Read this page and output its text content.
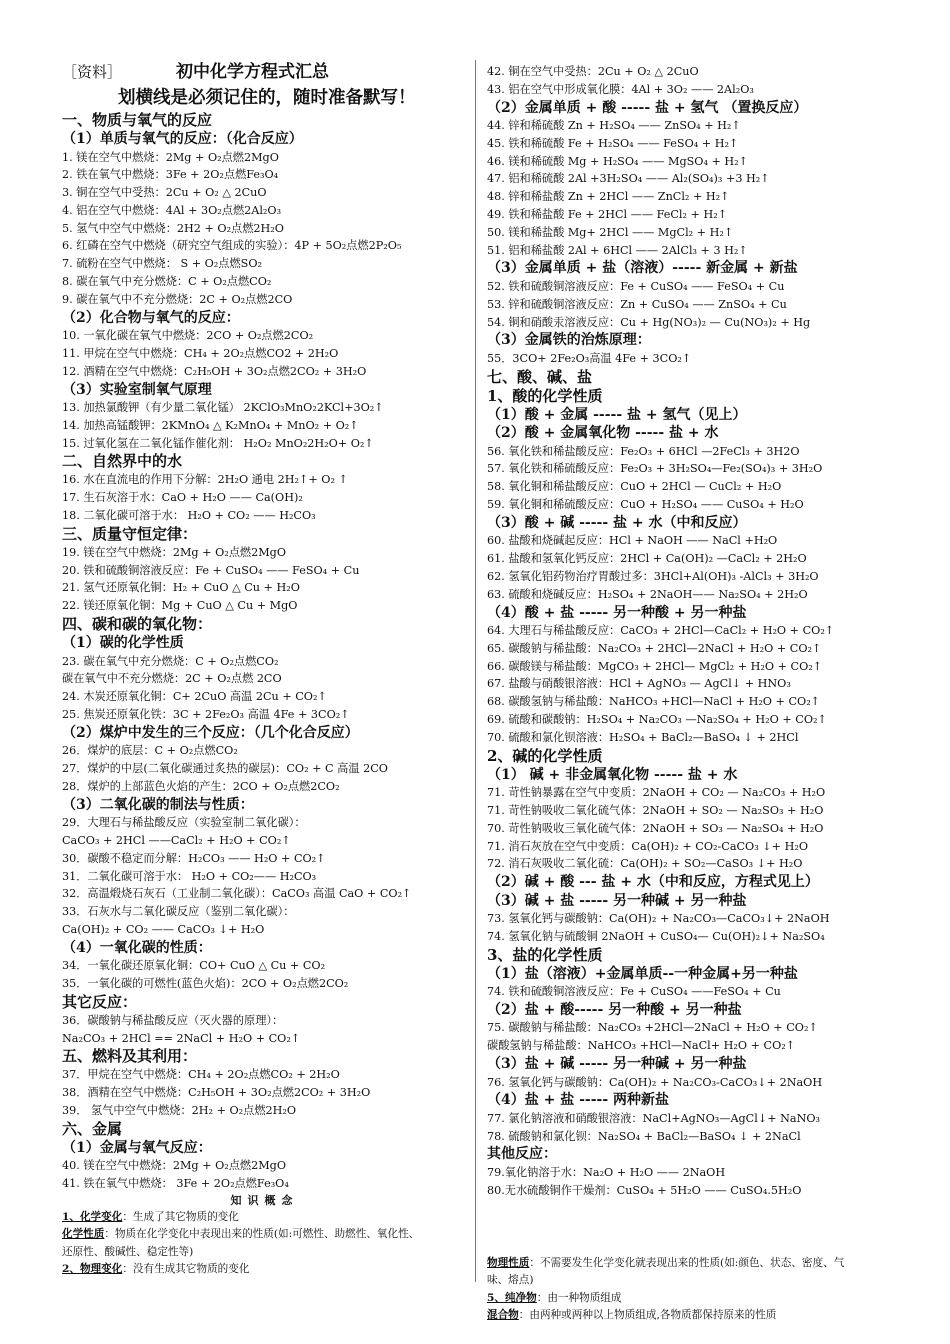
［资料］	初中化学方程式汇总
划横线是必须记住的，随时准备默写！
一、物质与氧气的反应
（1）单质与氧气的反应：（化合反应）
1. 镁在空气中燃烧：2Mg + O₂点燃2MgO
2. 铁在氧气中燃烧：3Fe + 2O₂点燃Fe₃O₄
3. 铜在空气中受热：2Cu + O₂ △ 2CuO
4. 铝在空气中燃烧：4Al + 3O₂点燃2Al₂O₃
5. 氢气中空气中燃烧：2H2 + O₂点燃2H₂O
6. 红磷在空气中燃烧（研究空气组成的实验）：4P + 5O₂点燃2P₂O₅
7. 硫粉在空气中燃烧： S + O₂点燃SO₂
8. 碳在氧气中充分燃烧：C + O₂点燃CO₂
9. 碳在氧气中不充分燃烧：2C + O₂点燃2CO
（2）化合物与氧气的反应：
10. 一氧化碳在氧气中燃烧：2CO + O₂点燃2CO₂
11. 甲烷在空气中燃烧：CH₄ + 2O₂点燃CO2 + 2H₂O
12. 酒精在空气中燃烧：C₂H₅OH + 3O₂点燃2CO₂ + 3H₂O
（3）实验室制氧气原理
13. 加热氯酸钾（有少量二氧化锰） 2KClO₃MnO₂2KCl+3O₂↑
14. 加热高锰酸钾：2KMnO₄ △ K₂MnO₄ + MnO₂ + O₂↑
15. 过氧化氢在二氧化锰作催化剂： H₂O₂ MnO₂2H₂O+ O₂↑
二、自然界中的水
16. 水在直流电的作用下分解：2H₂O 通电 2H₂↑+ O₂ ↑
17. 生石灰溶于水：CaO + H₂O —— Ca(OH)₂
18. 二氧化碳可溶于水： H₂O + CO₂ —— H₂CO₃
三、质量守恒定律：
19. 镁在空气中燃烧：2Mg + O₂点燃2MgO
20. 铁和硫酸铜溶液反应：Fe + CuSO₄ —— FeSO₄ + Cu
21. 氢气还原氧化铜：H₂ + CuO △ Cu + H₂O
22. 镁还原氧化铜：Mg + CuO △ Cu + MgO
四、碳和碳的氧化物：
（1）碳的化学性质
23. 碳在氧气中充分燃烧：C + O₂点燃CO₂
碳在氧气中不充分燃烧：2C + O₂点燃 2CO
24. 木炭还原氧化铜：C+ 2CuO 高温 2Cu + CO₂↑
25. 焦炭还原氧化铁：3C + 2Fe₂O₃ 高温 4Fe + 3CO₂↑
（2）煤炉中发生的三个反应：（几个化合反应）
26．煤炉的底层：C + O₂点燃CO₂
27．煤炉的中层(二氧化碳通过炙热的碳层)：CO₂ + C 高温 2CO
28．煤炉的上部蓝色火焰的产生：2CO + O₂点燃2CO₂
（3）二氧化碳的制法与性质：
29．大理石与稀盐酸反应（实验室制二氧化碳）：
CaCO₃ + 2HCl ——CaCl₂ + H₂O + CO₂↑
30．碳酸不稳定而分解：H₂CO₃ —— H₂O + CO₂↑
31．二氧化碳可溶于水： H₂O + CO₂—— H₂CO₃
32．高温煅烧石灰石（工业制二氧化碳）：CaCO₃ 高温 CaO + CO₂↑
33．石灰水与二氧化碳反应（鉴别二氧化碳）：
Ca(OH)₂ + CO₂ —— CaCO₃ ↓+ H₂O
（4）一氧化碳的性质：
34．一氧化碳还原氧化铜：CO+ CuO △ Cu + CO₂
35．一氧化碳的可燃性(蓝色火焰)：2CO + O₂点燃2CO₂
其它反应：
36．碳酸钠与稀盐酸反应（灭火器的原理）：
Na₂CO₃ + 2HCl == 2NaCl + H₂O + CO₂↑
五、燃料及其利用：
37．甲烷在空气中燃烧：CH₄ + 2O₂点燃CO₂ + 2H₂O
38．酒精在空气中燃烧：C₂H₅OH + 3O₂点燃2CO₂ + 3H₂O
39． 氢气中空气中燃烧：2H₂ + O₂点燃2H₂O
六、金属
（1）金属与氧气反应：
40. 镁在空气中燃烧：2Mg + O₂点燃2MgO
41. 铁在氧气中燃烧： 3Fe + 2O₂点燃Fe₃O₄
知识概念
1、化学变化：生成了其它物质的变化
化学性质：物质在化学变化中表现出来的性质(如:可燃性、助燃性、氧化性、
还原性、酸碱性、稳定性等)
2、物理变化：没有生成其它物质的变化
42. 铜在空气中受热：2Cu + O₂ △ 2CuO
43. 铝在空气中形成氧化膜：4Al + 3O₂ —— 2Al₂O₃
（2）金属单质 + 酸 ----- 盐 + 氢气 （置换反应）
44. 锌和稀硫酸 Zn + H₂SO₄ —— ZnSO₄ + H₂↑
45. 铁和稀硫酸 Fe + H₂SO₄ —— FeSO₄ + H₂↑
46. 镁和稀硫酸 Mg + H₂SO₄ —— MgSO₄ + H₂↑
47. 铝和稀硫酸 2Al +3H₂SO₄ —— Al₂(SO₄)₃ +3 H₂↑
48. 锌和稀盐酸 Zn + 2HCl —— ZnCl₂ + H₂↑
49. 铁和稀盐酸 Fe + 2HCl —— FeCl₂ + H₂↑
50. 镁和稀盐酸 Mg+ 2HCl —— MgCl₂ + H₂↑
51. 铝和稀盐酸 2Al + 6HCl —— 2AlCl₃ + 3 H₂↑
（3）金属单质 + 盐（溶液）----- 新金属 + 新盐
52. 铁和硫酸铜溶液反应：Fe + CuSO₄ —— FeSO₄ + Cu
53. 锌和硫酸铜溶液反应：Zn + CuSO₄ —— ZnSO₄ + Cu
54. 铜和硝酸汞溶液反应：Cu + Hg(NO₃)₂ — Cu(NO₃)₂ + Hg
（3）金属铁的治炼原理：
55．3CO+ 2Fe₂O₃高温 4Fe + 3CO₂↑
七、酸、碱、盐
1、酸的化学性质
（1）酸 + 金属 ----- 盐 + 氢气（见上）
（2）酸 + 金属氧化物 ----- 盐 + 水
56. 氧化铁和稀盐酸反应：Fe₂O₃ + 6HCl —2FeCl₃ + 3H2O
57. 氧化铁和稀硫酸反应：Fe₂O₃ + 3H₂SO₄—Fe₂(SO₄)₃ + 3H₂O
58. 氧化铜和稀盐酸反应：CuO + 2HCl — CuCl₂ + H₂O
59. 氧化铜和稀硫酸反应：CuO + H₂SO₄ —— CuSO₄ + H₂O
（3）酸 + 碱 ----- 盐 + 水（中和反应）
60. 盐酸和烧碱起反应：HCl + NaOH —— NaCl +H₂O
61. 盐酸和氢氧化钙反应：2HCl + Ca(OH)₂ —CaCl₂ + 2H₂O
62. 氢氧化铝药物治疗胃酸过多：3HCl+Al(OH)₃ -AlCl₃ + 3H₂O
63. 硫酸和烧碱反应：H₂SO₄ + 2NaOH—— Na₂SO₄ + 2H₂O
（4）酸 + 盐 ----- 另一种酸 + 另一种盐
64. 大理石与稀盐酸反应：CaCO₃ + 2HCl—CaCl₂ + H₂O + CO₂↑
65. 碳酸钠与稀盐酸：Na₂CO₃ + 2HCl—2NaCl + H₂O + CO₂↑
66. 碳酸镁与稀盐酸：MgCO₃ + 2HCl— MgCl₂ + H₂O + CO₂↑
67. 盐酸与硝酸银溶液：HCl + AgNO₃ — AgCl↓ + HNO₃
68. 碳酸氢钠与稀盐酸：NaHCO₃ +HCl—NaCl + H₂O + CO₂↑
69. 硫酸和碳酸钠：H₂SO₄ + Na₂CO₃ —Na₂SO₄ + H₂O + CO₂↑
70. 硫酸和氯化钡溶液：H₂SO₄ + BaCl₂—BaSO₄ ↓ + 2HCl
2、碱的化学性质
（1） 碱 + 非金属氧化物 ----- 盐 + 水
71. 苛性钠暴露在空气中变质：2NaOH + CO₂ — Na₂CO₃ + H₂O
71. 苛性钠吸收二氧化硫气体：2NaOH + SO₂ — Na₂SO₃ + H₂O
70. 苛性钠吸收三氧化硫气体：2NaOH + SO₃ — Na₂SO₄ + H₂O
71. 消石灰放在空气中变质：Ca(OH)₂ + CO₂-CaCO₃ ↓+ H₂O
72. 消石灰吸收二氧化硫：Ca(OH)₂ + SO₂—CaSO₃ ↓+ H₂O
（2）碱 + 酸 --- 盐 + 水（中和反应，方程式见上）
（3）碱 + 盐 ----- 另一种碱 + 另一种盐
73. 氢氧化钙与碳酸钠：Ca(OH)₂ + Na₂CO₃—CaCO₃↓+ 2NaOH
74. 氢氧化钠与硫酸铜 2NaOH + CuSO₄— Cu(OH)₂↓+ Na₂SO₄
3、盐的化学性质
（1）盐（溶液）+金属单质--一种金属+另一种盐
74. 铁和硫酸铜溶液反应：Fe + CuSO₄ ——FeSO₄ + Cu
（2）盐 + 酸----- 另一种酸 + 另一种盐
75. 碳酸钠与稀盐酸：Na₂CO₃ +2HCl—2NaCl + H₂O + CO₂↑
碳酸氢钠与稀盐酸：NaHCO₃ +HCl—NaCl+ H₂O + CO₂↑
（3）盐 + 碱 ----- 另一种碱 + 另一种盐
76. 氢氧化钙与碳酸钠：Ca(OH)₂ + Na₂CO₃-CaCO₃↓+ 2NaOH
（4）盐 + 盐 ----- 两种新盐
77. 氯化钠溶液和硝酸银溶液：NaCl+AgNO₃—AgCl↓+ NaNO₃
78. 硫酸钠和氯化钡：Na₂SO₄ + BaCl₂—BaSO₄ ↓ + 2NaCl
其他反应：
79.氧化钠溶于水：Na₂O + H₂O —— 2NaOH
80.无水硫酸铜作干燥剂：CuSO₄ + 5H₂O —— CuSO₄.5H₂O
物理性质：不需要发生化学变化就表现出来的性质(如:颜色、状态、密度、气
味、熔点)
5、纯净物：由一种物质组成
混合物：由两种或两种以上物质组成,各物质都保持原来的性质
